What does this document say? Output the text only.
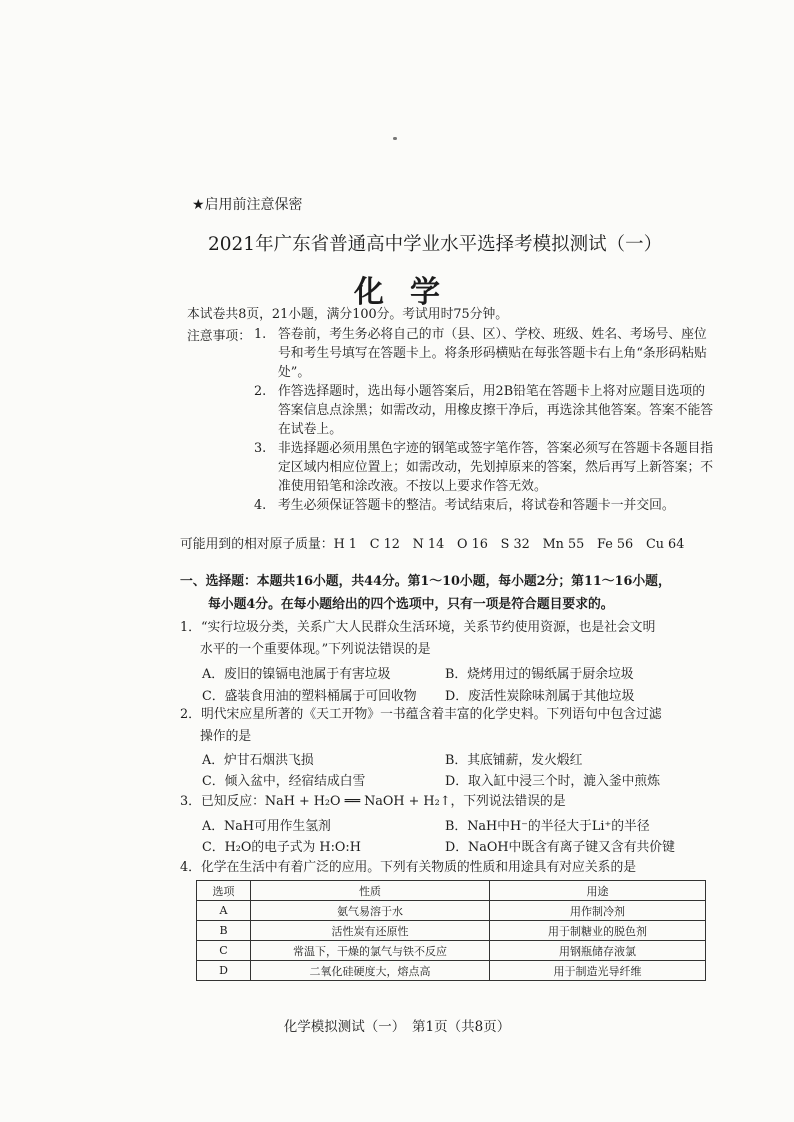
★启用前注意保密
2021年广东省普通高中学业水平选择考模拟测试（一）
化学
本试卷共8页，21小题，满分100分。考试用时75分钟。
注意事项： 1. 答卷前，考生务必将自己的市（县、区）、学校、班级、姓名、考场号、座位号和考生号填写在答题卡上。将条形码横贴在每张答题卡右上角“条形码粘贴处”。
2. 作答选择题时，选出每小题答案后，用2B铅笔在答题卡上将对应题目选项的答案信息点涂黑；如需改动，用橡皮擦干净后，再选涂其他答案。答案不能答在试卷上。
3. 非选择题必须用黑色字迹的钢笔或签字笔作答，答案必须写在答题卡各题目指定区域内相应位置上；如需改动，先划掉原来的答案，然后再写上新答案；不准使用铅笔和涂改液。不按以上要求作答无效。
4. 考生必须保证答题卡的整洁。考试结束后，将试卷和答题卡一并交回。
可能用到的相对原子质量：H 1　C 12　N 14　O 16　S 32　Mn 55　Fe 56　Cu 64
一、选择题：本题共16小题，共44分。第1～10小题，每小题2分；第11～16小题，
每小题4分。在每小题给出的四个选项中，只有一项是符合题目要求的。
1．“实行垃圾分类，关系广大人民群众生活环境，关系节约使用资源，也是社会文明
水平的一个重要体现。”下列说法错误的是
A．废旧的镍镉电池属于有害垃圾	B．烧烤用过的锡纸属于厨余垃圾
C．盛装食用油的塑料桶属于可回收物 D．废活性炭除味剂属于其他垃圾
2．明代宋应星所著的《天工开物》一书蕴含着丰富的化学史料。下列语句中包含过滤
操作的是
A．炉甘石烟洪飞损	B．其底铺薪，发火煅红
C．倾入盆中，经宿结成白雪	D．取入缸中浸三个时，漉入釜中煎炼
3．已知反应：NaH + H₂O ══ NaOH + H₂↑，下列说法错误的是
A．NaH可用作生氢剂	B．NaH中H⁻的半径大于Li⁺的半径
C．H₂O的电子式为 H:O:H	D．NaOH中既含有离子键又含有共价键
4．化学在生活中有着广泛的应用。下列有关物质的性质和用途具有对应关系的是
选项	性质	用途
A	氨气易溶于水	用作制冷剂
B	活性炭有还原性	用于制糖业的脱色剂
C	常温下，干燥的氯气与铁不反应	用钢瓶储存液氯
D	二氧化硅硬度大，熔点高	用于制造光导纤维
化学模拟测试（一）　第1页（共8页）
